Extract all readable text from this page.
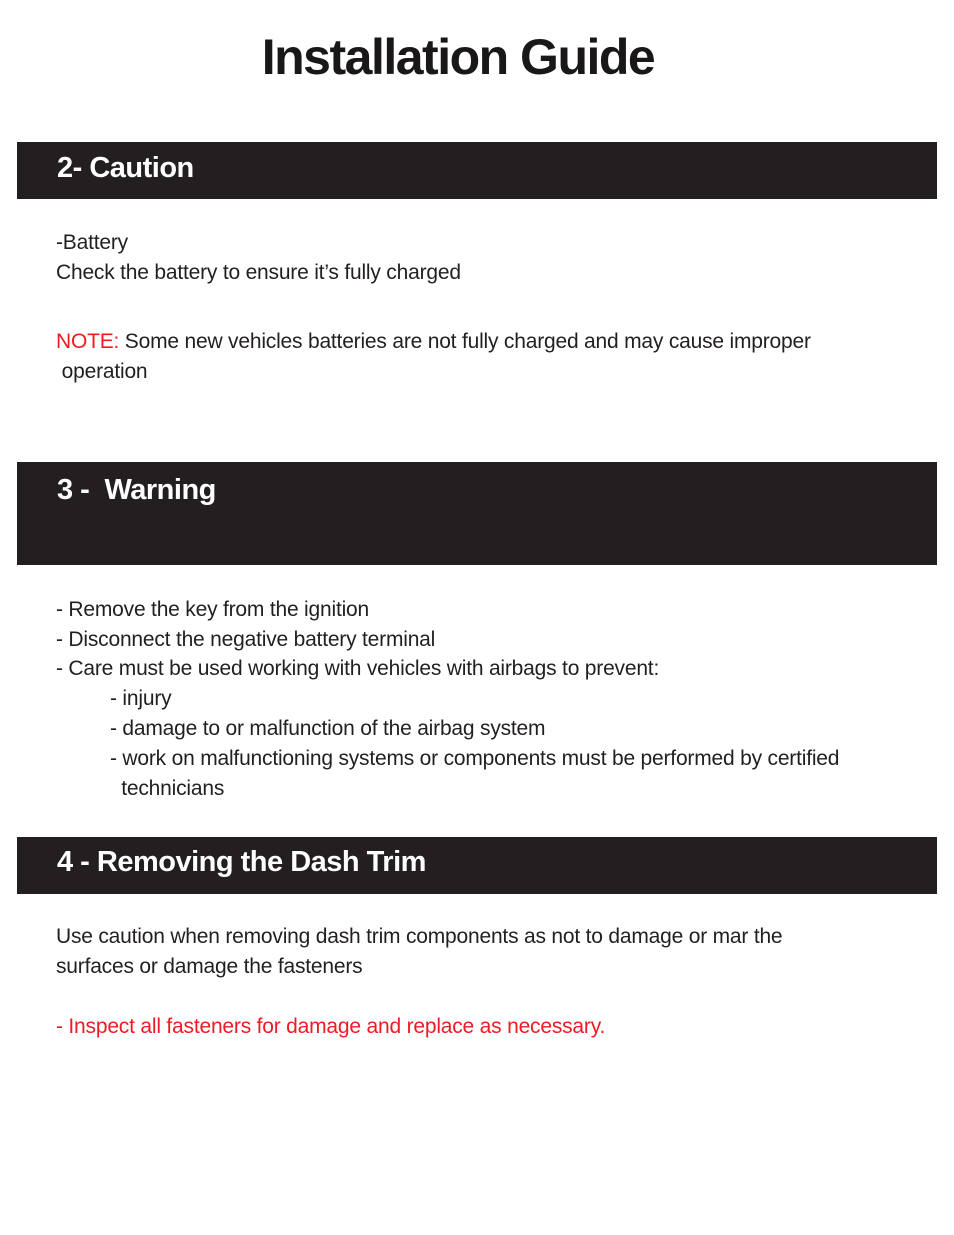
Installation Guide
2- Caution
-Battery
Check the battery to ensure it’s fully charged
NOTE: Some new vehicles batteries are not fully charged and may cause improper
operation
3 -  Warning
- Remove the key from the ignition
- Disconnect the negative battery terminal
- Care must be used working with vehicles with airbags to prevent:
- injury
- damage to or malfunction of the airbag system
- work on malfunctioning systems or components must be performed by certified
technicians
4 - Removing the Dash Trim
Use caution when removing dash trim components as not to damage or mar the
surfaces or damage the fasteners
- Inspect all fasteners for damage and replace as necessary.
